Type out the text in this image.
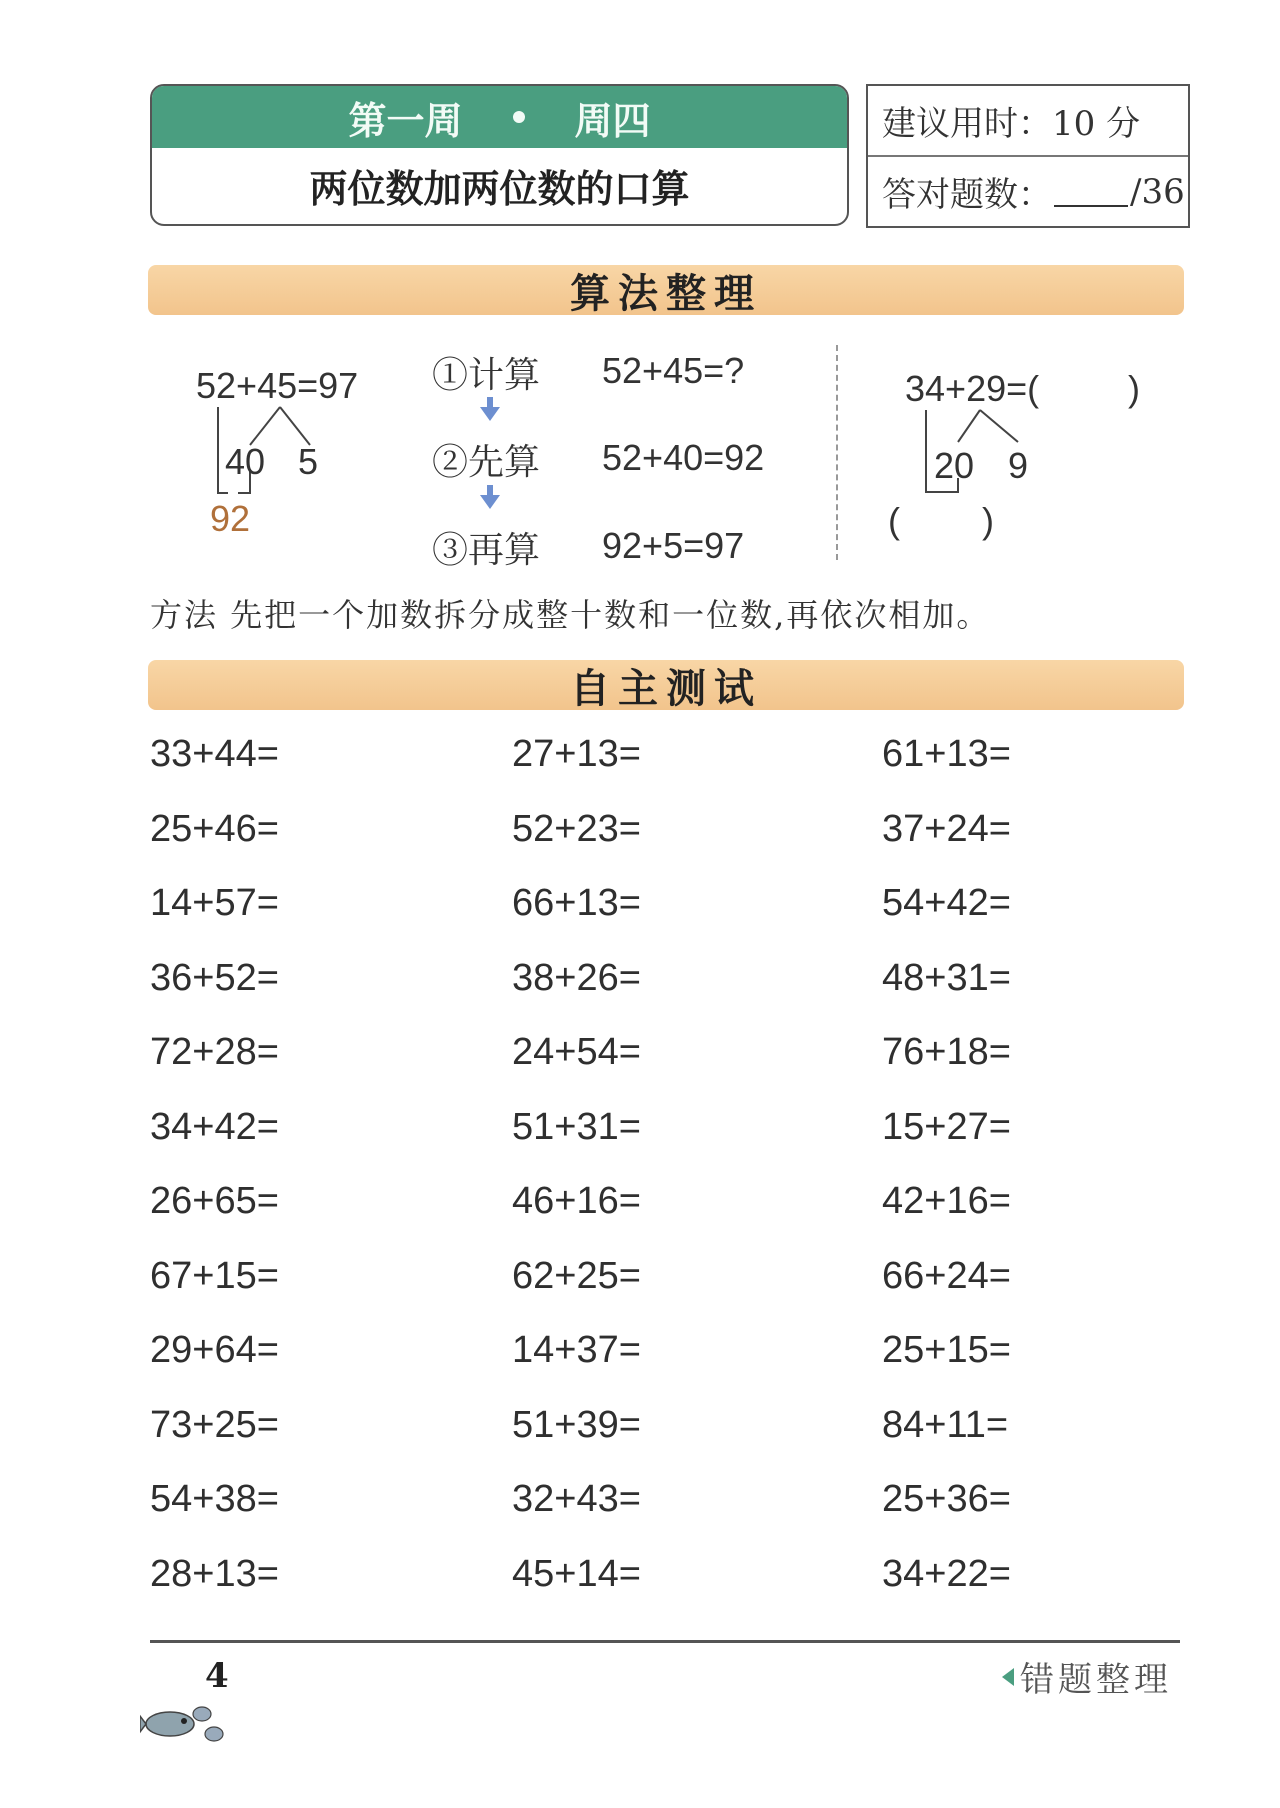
第一周	周四
两位数加两位数的口算
建议用时：10 分
答对题数： /36
算法整理
52+45=97
40 5
92
①计算 52+45=?
②先算 52+40=92
③再算 92+5=97
34+29=( )
20 9
( )
方法 先把一个加数拆分成整十数和一位数,再依次相加。
自主测试
33+44=
25+46=
14+57=
36+52=
72+28=
34+42=
26+65=
67+15=
29+64=
73+25=
54+38=
28+13=
27+13=
52+23=
66+13=
38+26=
24+54=
51+31=
46+16=
62+25=
14+37=
51+39=
32+43=
45+14=
61+13=
37+24=
54+42=
48+31=
76+18=
15+27=
42+16=
66+24=
25+15=
84+11=
25+36=
34+22=
4	错题整理
